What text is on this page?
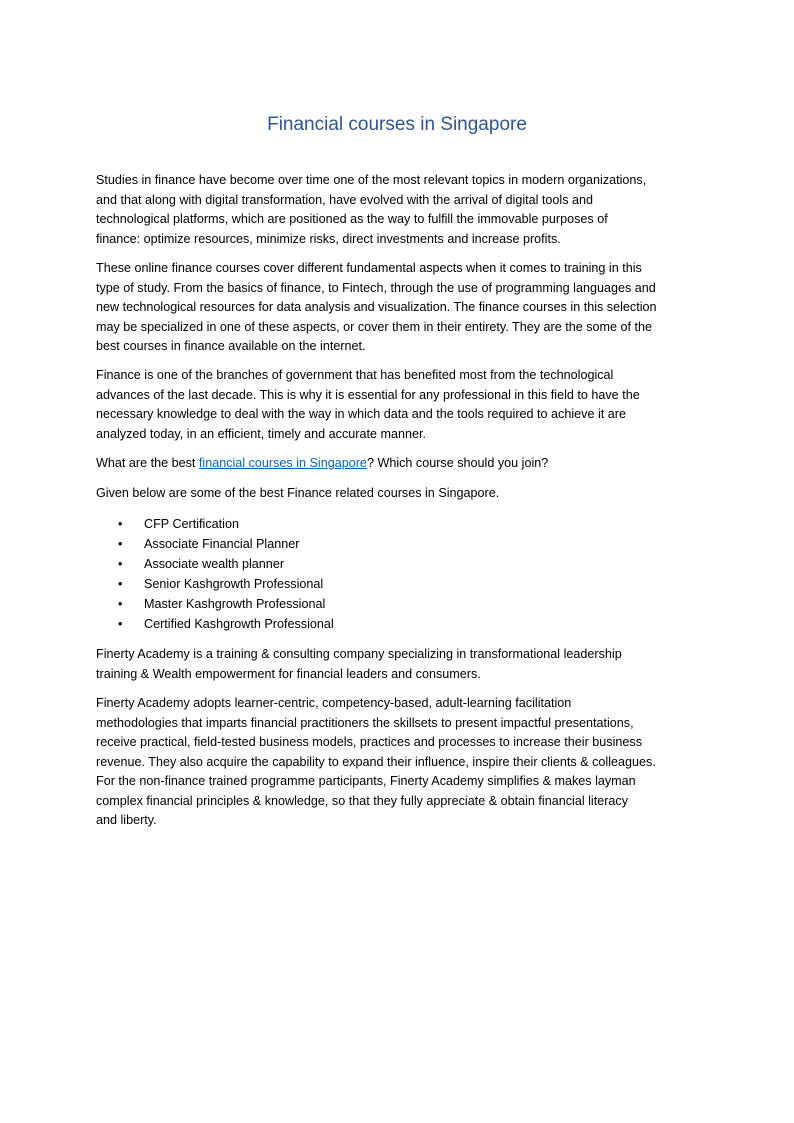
Financial courses in Singapore
Studies in finance have become over time one of the most relevant topics in modern organizations,
and that along with digital transformation, have evolved with the arrival of digital tools and
technological platforms, which are positioned as the way to fulfill the immovable purposes of
finance: optimize resources, minimize risks, direct investments and increase profits.
These online finance courses cover different fundamental aspects when it comes to training in this
type of study. From the basics of finance, to Fintech, through the use of programming languages and
new technological resources for data analysis and visualization. The finance courses in this selection
may be specialized in one of these aspects, or cover them in their entirety. They are the some of the
best courses in finance available on the internet.
Finance is one of the branches of government that has benefited most from the technological
advances of the last decade. This is why it is essential for any professional in this field to have the
necessary knowledge to deal with the way in which data and the tools required to achieve it are
analyzed today, in an efficient, timely and accurate manner.
What are the best financial courses in Singapore? Which course should you join?
Given below are some of the best Finance related courses in Singapore.
• CFP Certification
• Associate Financial Planner
• Associate wealth planner
• Senior Kashgrowth Professional
• Master Kashgrowth Professional
• Certified Kashgrowth Professional
Finerty Academy is a training & consulting company specializing in transformational leadership
training & Wealth empowerment for financial leaders and consumers.
Finerty Academy adopts learner-centric, competency-based, adult-learning facilitation
methodologies that imparts financial practitioners the skillsets to present impactful presentations,
receive practical, field-tested business models, practices and processes to increase their business
revenue. They also acquire the capability to expand their influence, inspire their clients & colleagues.
For the non-finance trained programme participants, Finerty Academy simplifies & makes layman
complex financial principles & knowledge, so that they fully appreciate & obtain financial literacy
and liberty.
